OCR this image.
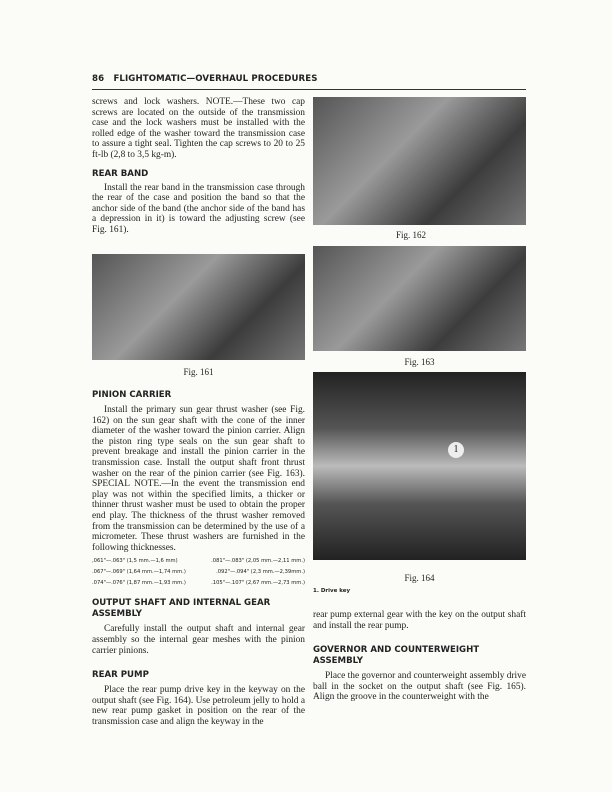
86 FLIGHTOMATIC—OVERHAUL PROCEDURES

screws and lock washers. NOTE.—These two cap screws are located on the outside of the transmission case and the lock washers must be installed with the rolled edge of the washer toward the transmission case to assure a tight seal. Tighten the cap screws to 20 to 25 ft-lb (2,8 to 3,5 kg-m).

REAR BAND

Install the rear band in the transmission case through the rear of the case and position the band so that the anchor side of the band (the anchor side of the band has a depression in it) is toward the adjusting screw (see Fig. 161).

Fig. 161
PINION CARRIER

Install the primary sun gear thrust washer (see Fig. 162) on the sun gear shaft with the cone of the inner diameter of the washer toward the pinion carrier. Align the piston ring type seals on the sun gear shaft to prevent breakage and install the pinion carrier in the transmission case. Install the output shaft front thrust washer on the rear of the pinion carrier (see Fig. 163). SPECIAL NOTE.—In the event the transmission end play was not within the specified limits, a thicker or thinner thrust washer must be used to obtain the proper end play. The thickness of the thrust washer removed from the transmission can be determined by the use of a micrometer. These thrust washers are furnished in the following thicknesses.

‚061"—.063" (1,5 mm.—1,6 mm)	.081"—.083" (2,05 mm.—2,11 mm.)
.067"—.069" (1,64 mm.—1,74 mm.)	.092"—.094" (2,3 mm.—2,39mm.)
.074"—.076" (1,87 mm.—1,93 mm.)	.105"—.107" (2,67 mm.—2,73 mm.)
OUTPUT SHAFT AND INTERNAL GEAR ASSEMBLY

Carefully install the output shaft and internal gear assembly so the internal gear meshes with the pinion carrier pinions.

REAR PUMP

Place the rear pump drive key in the keyway on the output shaft (see Fig. 164). Use petroleum jelly to hold a new rear pump gasket in position on the rear of the transmission case and align the keyway in the

Fig. 162
Fig. 163
1
Fig. 164
1. Drive key

rear pump external gear with the key on the output shaft and install the rear pump.

GOVERNOR AND COUNTERWEIGHT ASSEMBLY

Place the governor and counterweight assembly drive ball in the socket on the output shaft (see Fig. 165). Align the groove in the counterweight with the
